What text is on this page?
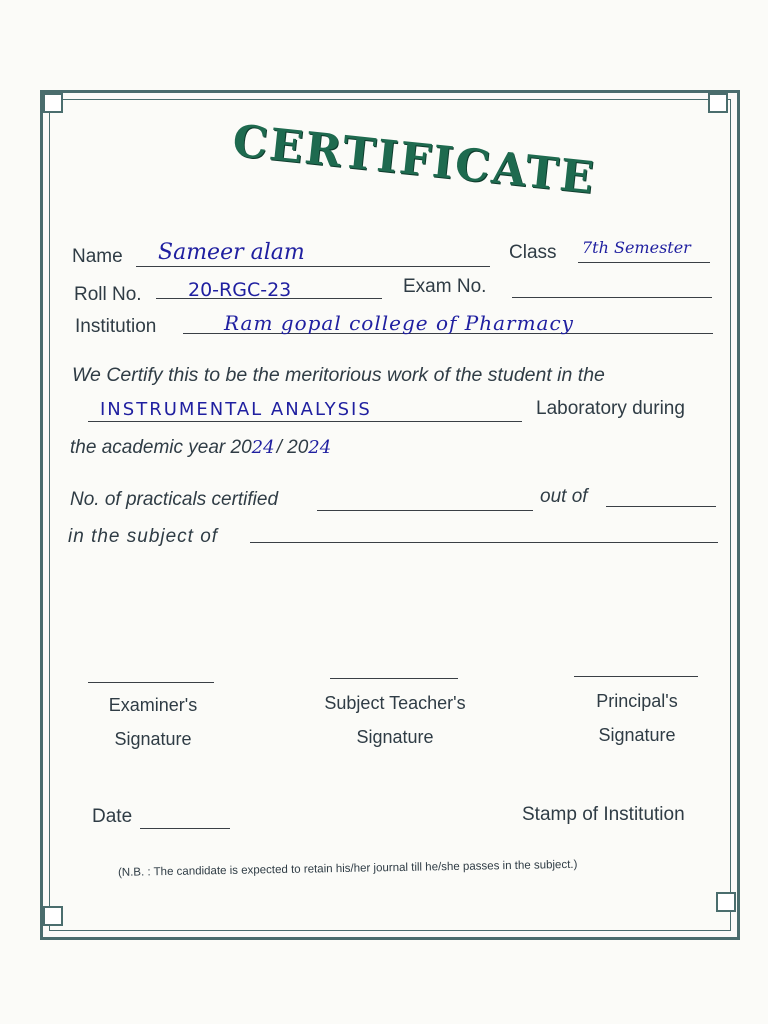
CERTIFICATE
Name Sameer alam	Class 7th Semester
Roll No. 20-RGC-23	Exam No.
Institution	Ram gopal college of Pharmacy
We Certify this to be the meritorious work of the student in the
INSTRUMENTAL ANALYSIS	Laboratory during
the academic year 2024 / 2024
No. of practicals certified	out of
in the subject of
Examiner's
Signature
Subject Teacher's
Signature
Principal's
Signature
Date	Stamp of Institution
(N.B. : The candidate is expected to retain his/her journal till he/she passes in the subject.)
